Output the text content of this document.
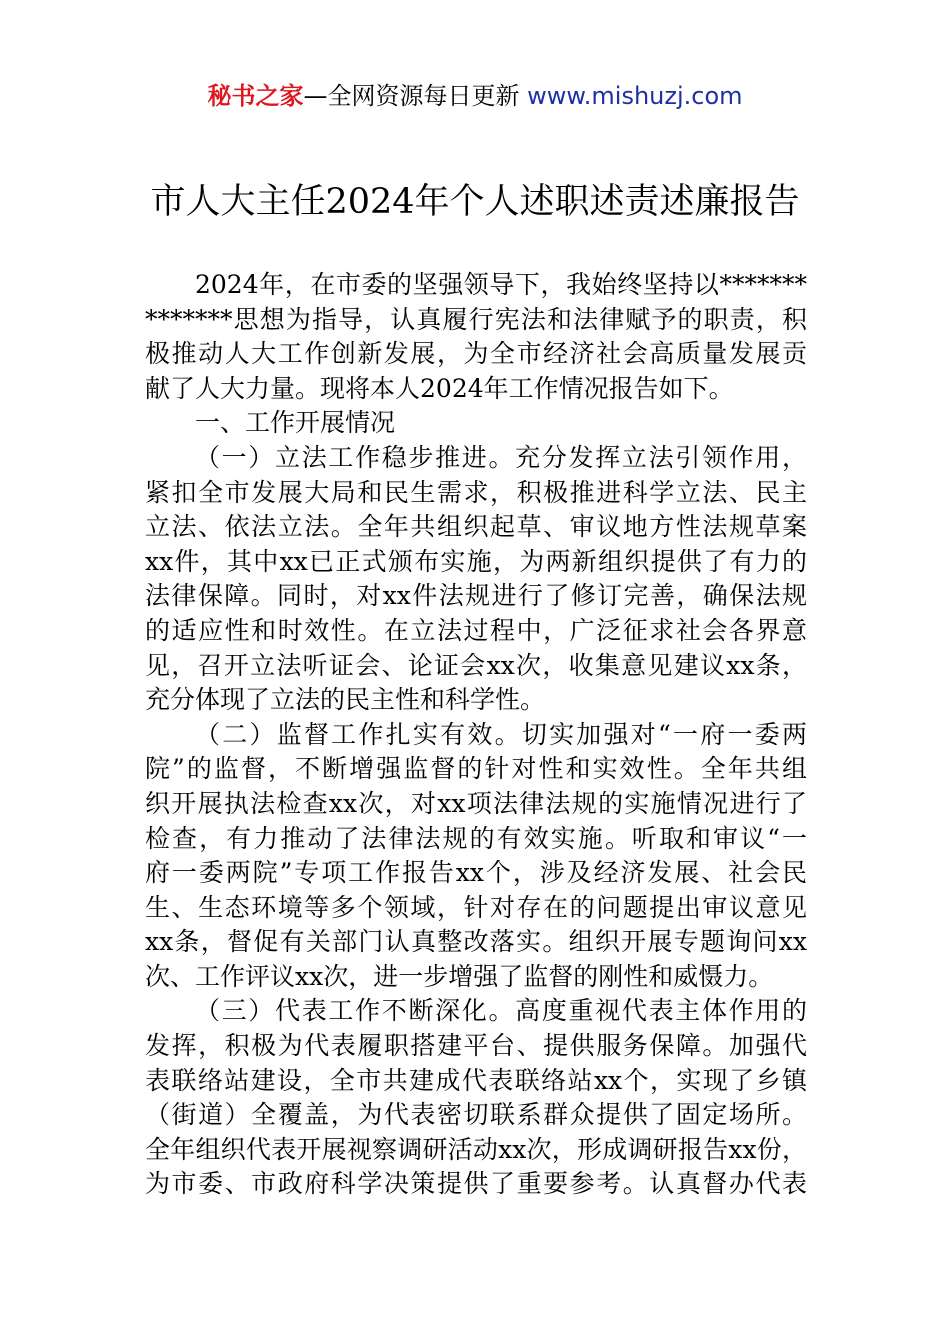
秘书之家—全网资源每日更新 www.mishuzj.com
市人大主任2024年个人述职述责述廉报告
2024年，在市委的坚强领导下，我始终坚持以*******
*******思想为指导，认真履行宪法和法律赋予的职责，积
极推动人大工作创新发展，为全市经济社会高质量发展贡
献了人大力量。现将本人2024年工作情况报告如下。
一、工作开展情况
（一）立法工作稳步推进。充分发挥立法引领作用，
紧扣全市发展大局和民生需求，积极推进科学立法、民主
立法、依法立法。全年共组织起草、审议地方性法规草案
xx件，其中xx已正式颁布实施，为两新组织提供了有力的
法律保障。同时，对xx件法规进行了修订完善，确保法规
的适应性和时效性。在立法过程中，广泛征求社会各界意
见，召开立法听证会、论证会xx次，收集意见建议xx条，
充分体现了立法的民主性和科学性。
（二）监督工作扎实有效。切实加强对“一府一委两
院”的监督，不断增强监督的针对性和实效性。全年共组
织开展执法检查xx次，对xx项法律法规的实施情况进行了
检查，有力推动了法律法规的有效实施。听取和审议“一
府一委两院”专项工作报告xx个，涉及经济发展、社会民
生、生态环境等多个领域，针对存在的问题提出审议意见
xx条，督促有关部门认真整改落实。组织开展专题询问xx
次、工作评议xx次，进一步增强了监督的刚性和威慑力。
（三）代表工作不断深化。高度重视代表主体作用的
发挥，积极为代表履职搭建平台、提供服务保障。加强代
表联络站建设，全市共建成代表联络站xx个，实现了乡镇
（街道）全覆盖，为代表密切联系群众提供了固定场所。
全年组织代表开展视察调研活动xx次，形成调研报告xx份，
为市委、市政府科学决策提供了重要参考。认真督办代表
